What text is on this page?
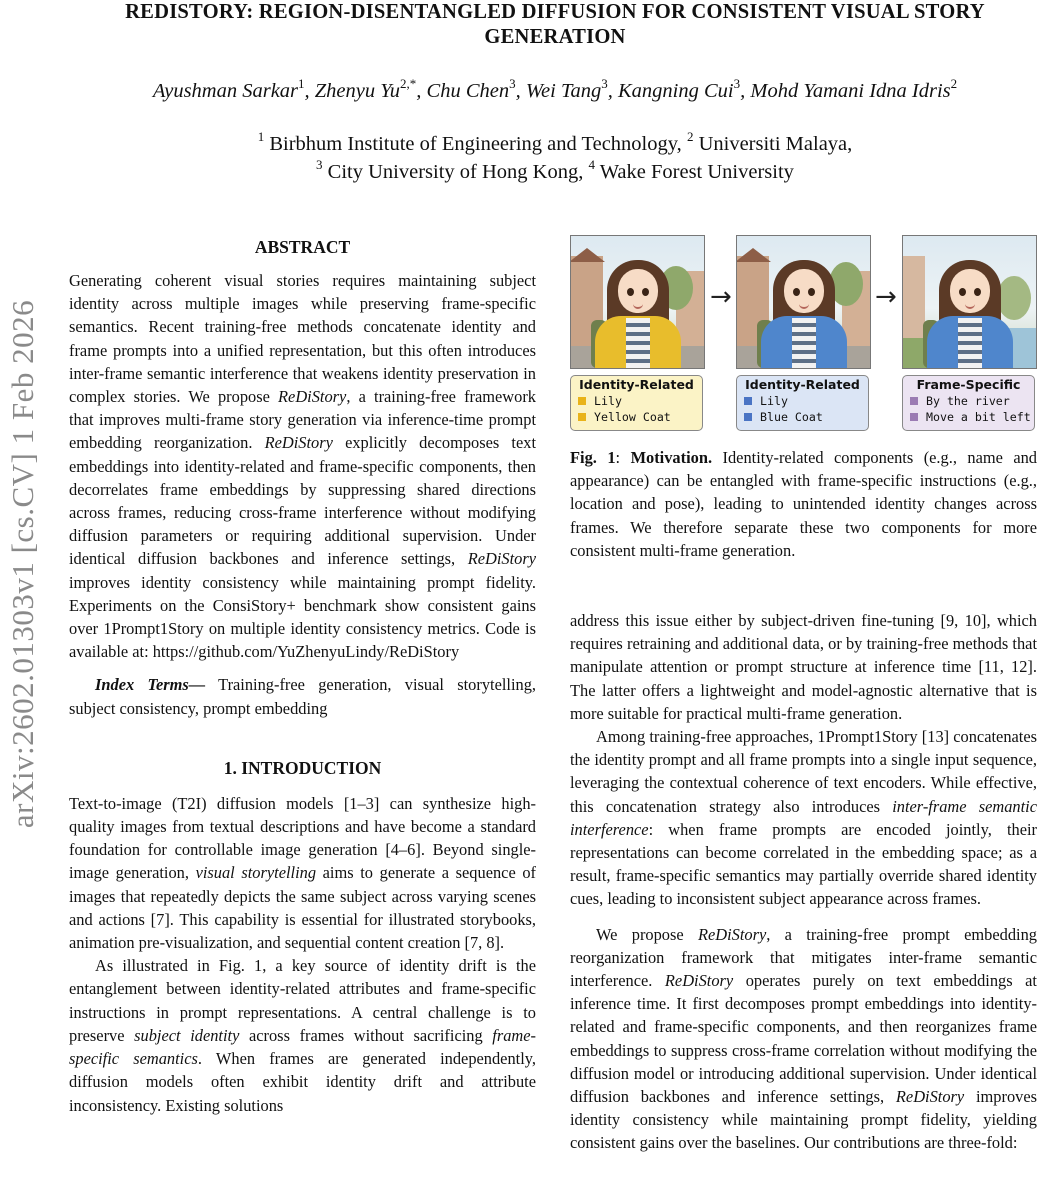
arXiv:2602.01303v1 [cs.CV] 1 Feb 2026
REDISTORY: REGION-DISENTANGLED DIFFUSION FOR CONSISTENT VISUAL STORY GENERATION
Ayushman Sarkar$^1$, Zhenyu $Yu^{2,*}$, Chu Chen$^3$, Wei Tang$^3$, Kangning Cui$^3$, Mohd Yamani Idna Idris$^2$
$^1$ Birbhum Institute of Engineering and Technology, $^2$ Universiti Malaya,
$^3$ City University of Hong Kong, $^4$ Wake Forest University
ABSTRACT

Generating coherent visual stories requires maintaining subject identity across multiple images while preserving frame-specific semantics. Recent training-free methods concatenate identity and frame prompts into a unified representation, but this often introduces inter-frame semantic interference that weakens identity preservation in complex stories. We propose ReDiStory, a training-free framework that improves multi-frame story generation via inference-time prompt embedding reorganization. ReDiStory explicitly decomposes text embeddings into identity-related and frame-specific components, then decorrelates frame embeddings by suppressing shared directions across frames, reducing cross-frame interference without modifying diffusion parameters or requiring additional supervision. Under identical diffusion backbones and inference settings, ReDiStory improves identity consistency while maintaining prompt fidelity. Experiments on the ConsiStory+ benchmark show consistent gains over 1Prompt1Story on multiple identity consistency metrics. Code is available at: https://github.com/YuZhenyuLindy/ReDiStory

Index Terms— Training-free generation, visual storytelling, subject consistency, prompt embedding

1. INTRODUCTION

Text-to-image (T2I) diffusion models [1–3] can synthesize high-quality images from textual descriptions and have become a standard foundation for controllable image generation [4–6]. Beyond single-image generation, visual storytelling aims to generate a sequence of images that repeatedly depicts the same subject across varying scenes and actions [7]. This capability is essential for illustrated storybooks, animation pre-visualization, and sequential content creation [7, 8].

As illustrated in Fig. 1, a key source of identity drift is the entanglement between identity-related attributes and frame-specific instructions in prompt representations. A central challenge is to preserve subject identity across frames without sacrificing frame-specific semantics. When frames are generated independently, diffusion models often exhibit identity drift and attribute inconsistency. Existing solutions

→	→
Identity-Related
Lily
Yellow Coat
Identity-Related
Lily
Blue Coat
Frame-Specific
By the river
Move a bit left

Fig. 1: Motivation. Identity-related components (e.g., name and appearance) can be entangled with frame-specific instructions (e.g., location and pose), leading to unintended identity changes across frames. We therefore separate these two components for more consistent multi-frame generation.

address this issue either by subject-driven fine-tuning [9, 10], which requires retraining and additional data, or by training-free methods that manipulate attention or prompt structure at inference time [11, 12]. The latter offers a lightweight and model-agnostic alternative that is more suitable for practical multi-frame generation.

Among training-free approaches, 1Prompt1Story [13] concatenates the identity prompt and all frame prompts into a single input sequence, leveraging the contextual coherence of text encoders. While effective, this concatenation strategy also introduces inter-frame semantic interference: when frame prompts are encoded jointly, their representations can become correlated in the embedding space; as a result, frame-specific semantics may partially override shared identity cues, leading to inconsistent subject appearance across frames.

We propose ReDiStory, a training-free prompt embedding reorganization framework that mitigates inter-frame semantic interference. ReDiStory operates purely on text embeddings at inference time. It first decomposes prompt embeddings into identity-related and frame-specific components, and then reorganizes frame embeddings to suppress cross-frame correlation without modifying the diffusion model or introducing additional supervision. Under identical diffusion backbones and inference settings, ReDiStory improves identity consistency while maintaining prompt fidelity, yielding consistent gains over the baselines. Our contributions are three-fold:
